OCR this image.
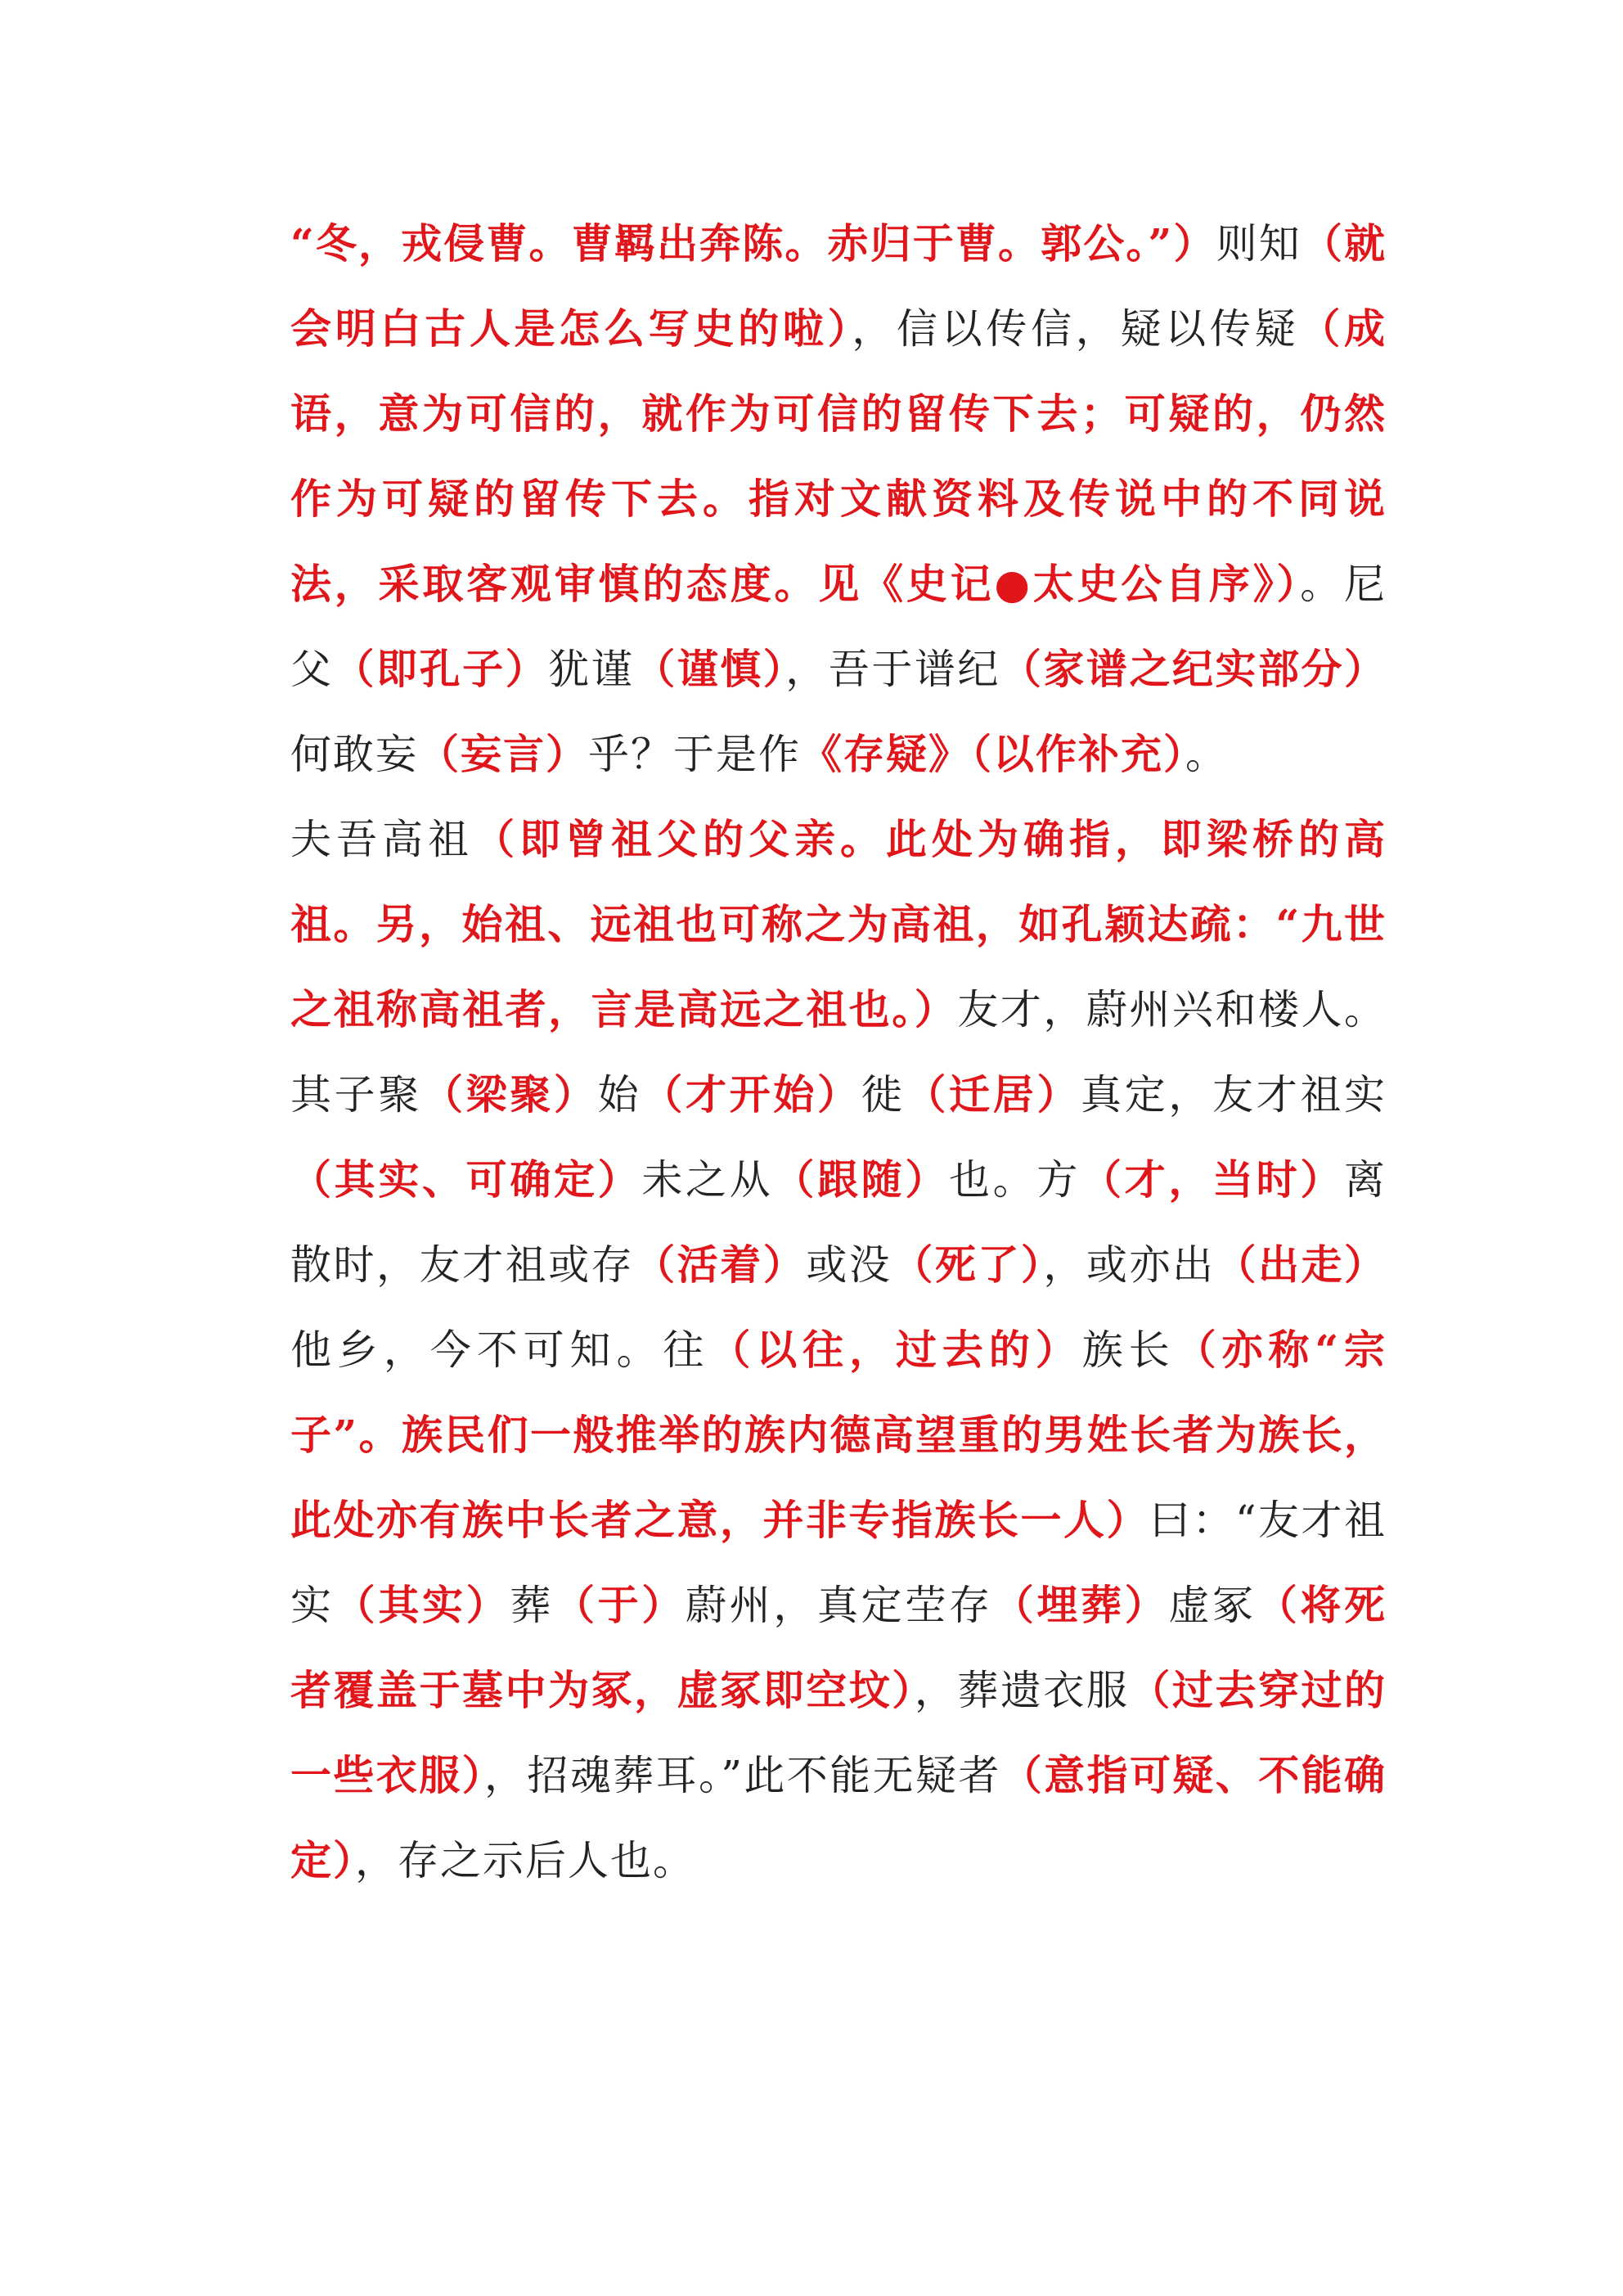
“冬，戎侵曹。曹羁出奔陈。赤归于曹。郭公。”）则知（就会明白古人是怎么写史的啦），信以传信，疑以传疑（成语，意为可信的，就作为可信的留传下去；可疑的，仍然作为可疑的留传下去。指对文献资料及传说中的不同说法，采取客观审慎的态度。见《史记●太史公自序》）。尼父（即孔子）犹谨（谨慎），吾于谱纪（家谱之纪实部分）何敢妄（妄言）乎？于是作《存疑》（以作补充）。

夫吾高祖（即曾祖父的父亲。此处为确指，即梁桥的高祖。另，始祖、远祖也可称之为高祖，如孔颖达疏：“九世之祖称高祖者，言是高远之祖也。）友才，蔚州兴和楼人。其子聚（梁聚）始（才开始）徙（迁居）真定，友才祖实（其实、可确定）未之从（跟随）也。方（才，当时）离散时，友才祖或存（活着）或没（死了），或亦出（出走）他乡，今不可知。往（以往，过去的）族长（亦称“宗子”。族民们一般推举的族内德高望重的男姓长者为族长，此处亦有族中长者之意，并非专指族长一人）曰：“友才祖实（其实）葬（于）蔚州，真定茔存（埋葬）虚冢（将死者覆盖于墓中为冢，虚冢即空坟），葬遗衣服（过去穿过的一些衣服），招魂葬耳。”此不能无疑者（意指可疑、不能确定），存之示后人也。
